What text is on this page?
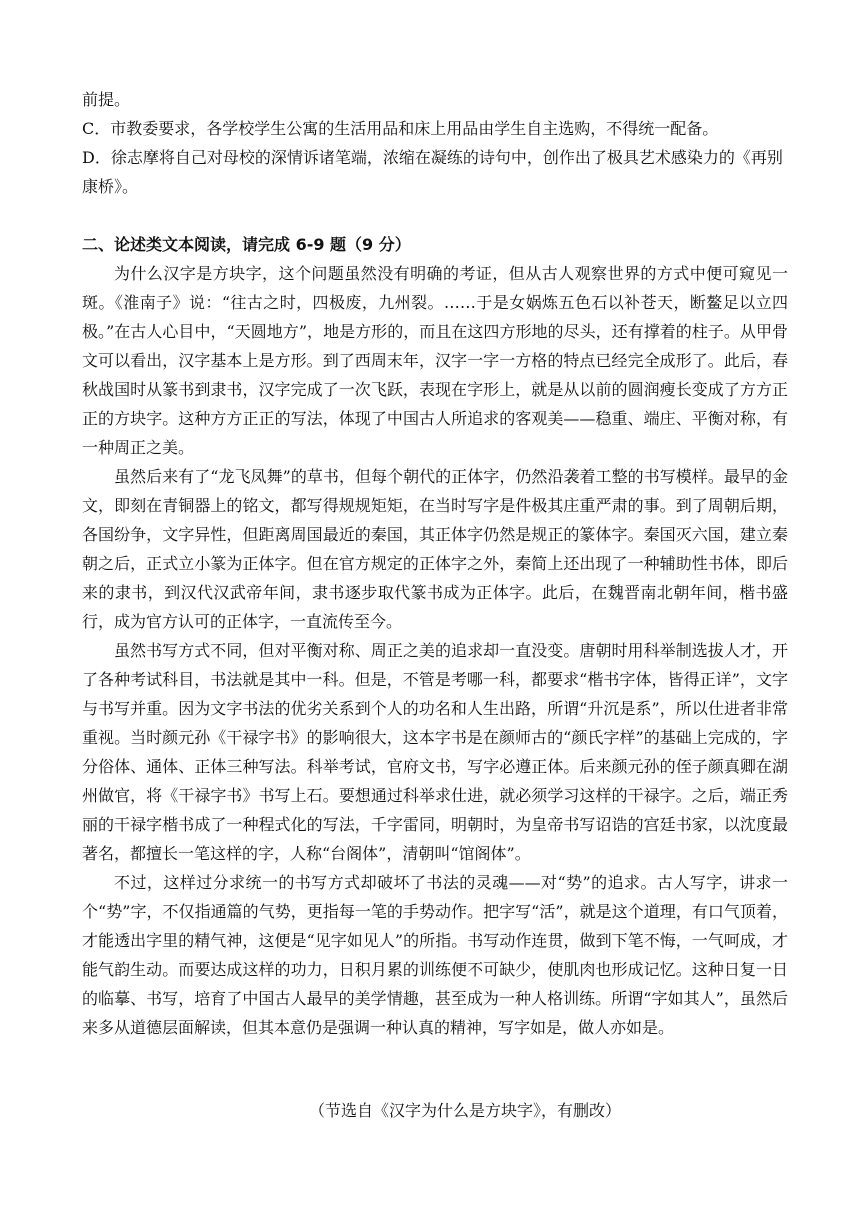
前提。

C．市教委要求，各学校学生公寓的生活用品和床上用品由学生自主选购，不得统一配备。

D．徐志摩将自己对母校的深情诉诸笔端，浓缩在凝练的诗句中，创作出了极具艺术感染力的《再别康桥》。

二、论述类文本阅读，请完成 6-9 题（9 分）

为什么汉字是方块字，这个问题虽然没有明确的考证，但从古人观察世界的方式中便可窥见一斑。《淮南子》说：“往古之时，四极废，九州裂。……于是女娲炼五色石以补苍天，断鳌足以立四极。”在古人心目中，“天圆地方”，地是方形的，而且在这四方形地的尽头，还有撑着的柱子。从甲骨文可以看出，汉字基本上是方形。到了西周末年，汉字一字一方格的特点已经完全成形了。此后，春秋战国时从篆书到隶书，汉字完成了一次飞跃，表现在字形上，就是从以前的圆润瘦长变成了方方正正的方块字。这种方方正正的写法，体现了中国古人所追求的客观美——稳重、端庄、平衡对称，有一种周正之美。

虽然后来有了“龙飞凤舞”的草书，但每个朝代的正体字，仍然沿袭着工整的书写模样。最早的金文，即刻在青铜器上的铭文，都写得规规矩矩，在当时写字是件极其庄重严肃的事。到了周朝后期，各国纷争，文字异性，但距离周国最近的秦国，其正体字仍然是规正的篆体字。秦国灭六国，建立秦朝之后，正式立小篆为正体字。但在官方规定的正体字之外，秦简上还出现了一种辅助性书体，即后来的隶书，到汉代汉武帝年间，隶书逐步取代篆书成为正体字。此后，在魏晋南北朝年间，楷书盛行，成为官方认可的正体字，一直流传至今。

虽然书写方式不同，但对平衡对称、周正之美的追求却一直没变。唐朝时用科举制选拔人才，开了各种考试科目，书法就是其中一科。但是，不管是考哪一科，都要求“楷书字体，皆得正详”，文字与书写并重。因为文字书法的优劣关系到个人的功名和人生出路，所谓“升沉是系”，所以仕进者非常重视。当时颜元孙《干禄字书》的影响很大，这本字书是在颜师古的“颜氏字样”的基础上完成的，字分俗体、通体、正体三种写法。科举考试，官府文书，写字必遵正体。后来颜元孙的侄子颜真卿在湖州做官，将《干禄字书》书写上石。要想通过科举求仕进，就必须学习这样的干禄字。之后，端正秀丽的干禄字楷书成了一种程式化的写法，千字雷同，明朝时，为皇帝书写诏诰的宫廷书家，以沈度最著名，都擅长一笔这样的字，人称“台阁体”，清朝叫“馆阁体”。

不过，这样过分求统一的书写方式却破坏了书法的灵魂——对“势”的追求。古人写字，讲求一个“势”字，不仅指通篇的气势，更指每一笔的手势动作。把字写“活”，就是这个道理，有口气顶着，才能透出字里的精气神，这便是“见字如见人”的所指。书写动作连贯，做到下笔不悔，一气呵成，才能气韵生动。而要达成这样的功力，日积月累的训练便不可缺少，使肌肉也形成记忆。这种日复一日的临摹、书写，培育了中国古人最早的美学情趣，甚至成为一种人格训练。所谓“字如其人”，虽然后来多从道德层面解读，但其本意仍是强调一种认真的精神，写字如是，做人亦如是。

（节选自《汉字为什么是方块字》，有删改）
